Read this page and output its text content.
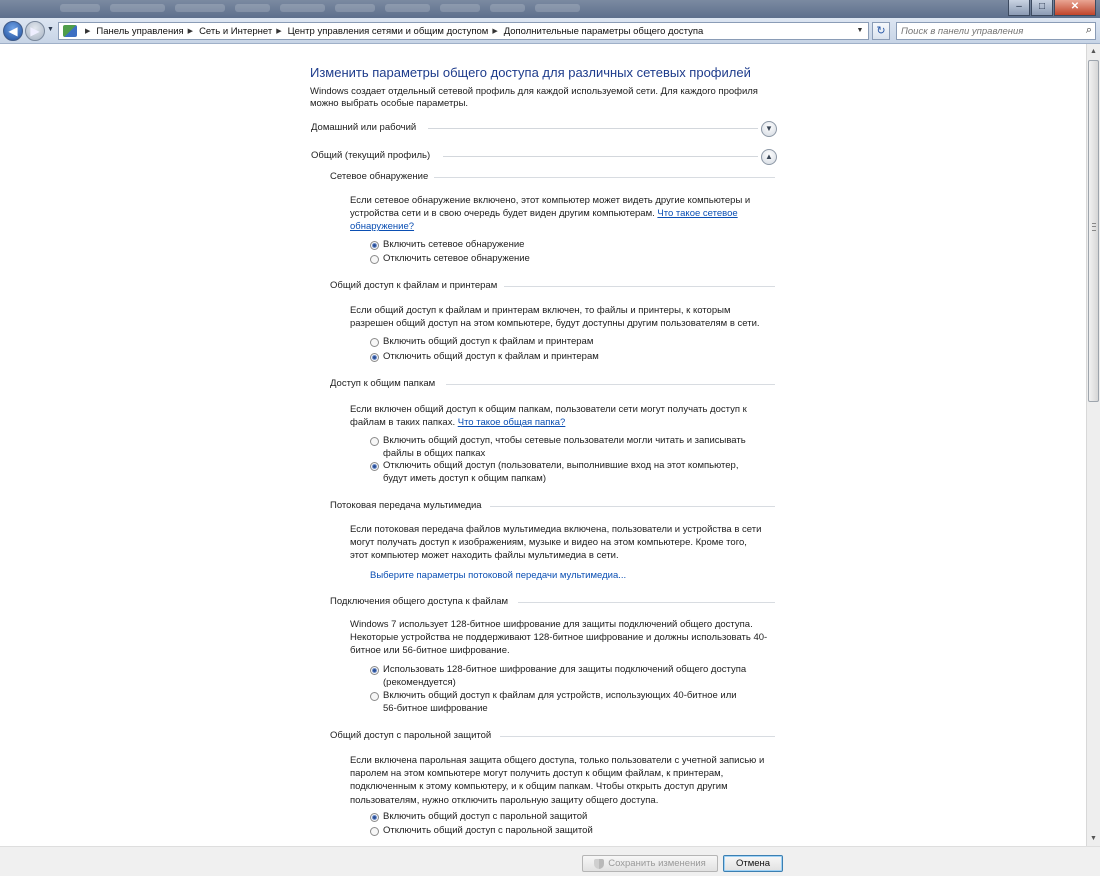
–	□	✕
◀	▶	▼	▶ Панель управления ▶ Сеть и Интернет ▶ Центр управления сетями и общим доступом ▶ Дополнительные параметры общего доступа	▼	↻
Поиск в панели управления	⌕
Изменить параметры общего доступа для различных сетевых профилей
Windows создает отдельный сетевой профиль для каждой используемой сети. Для каждого профиля
можно выбрать особые параметры.
Домашний или рабочий	▼
Общий (текущий профиль)	▲
Сетевое обнаружение
Если сетевое обнаружение включено, этот компьютер может видеть другие компьютеры и
устройства сети и в свою очередь будет виден другим компьютерам. Что такое сетевое
обнаружение?
Включить сетевое обнаружение
Отключить сетевое обнаружение
Общий доступ к файлам и принтерам
Если общий доступ к файлам и принтерам включен, то файлы и принтеры, к которым
разрешен общий доступ на этом компьютере, будут доступны другим пользователям в сети.
Включить общий доступ к файлам и принтерам
Отключить общий доступ к файлам и принтерам
Доступ к общим папкам
Если включен общий доступ к общим папкам, пользователи сети могут получать доступ к
файлам в таких папках. Что такое общая папка?
Включить общий доступ, чтобы сетевые пользователи могли читать и записывать
файлы в общих папках
Отключить общий доступ (пользователи, выполнившие вход на этот компьютер,
будут иметь доступ к общим папкам)
Потоковая передача мультимедиа
Если потоковая передача файлов мультимедиа включена, пользователи и устройства в сети
могут получать доступ к изображениям, музыке и видео на этом компьютере. Кроме того,
этот компьютер может находить файлы мультимедиа в сети.
Выберите параметры потоковой передачи мультимедиа...
Подключения общего доступа к файлам
Windows 7 использует 128-битное шифрование для защиты подключений общего доступа.
Некоторые устройства не поддерживают 128-битное шифрование и должны использовать 40-
битное или 56-битное шифрование.
Использовать 128-битное шифрование для защиты подключений общего доступа
(рекомендуется)
Включить общий доступ к файлам для устройств, использующих 40-битное или
56-битное шифрование
Общий доступ с парольной защитой
Если включена парольная защита общего доступа, только пользователи с учетной записью и
паролем на этом компьютере могут получить доступ к общим файлам, к принтерам,
подключенным к этому компьютеру, и к общим папкам. Чтобы открыть доступ другим
пользователям, нужно отключить парольную защиту общего доступа.
Включить общий доступ с парольной защитой
Отключить общий доступ с парольной защитой
▲
▼
Сохранить изменения	Отмена
